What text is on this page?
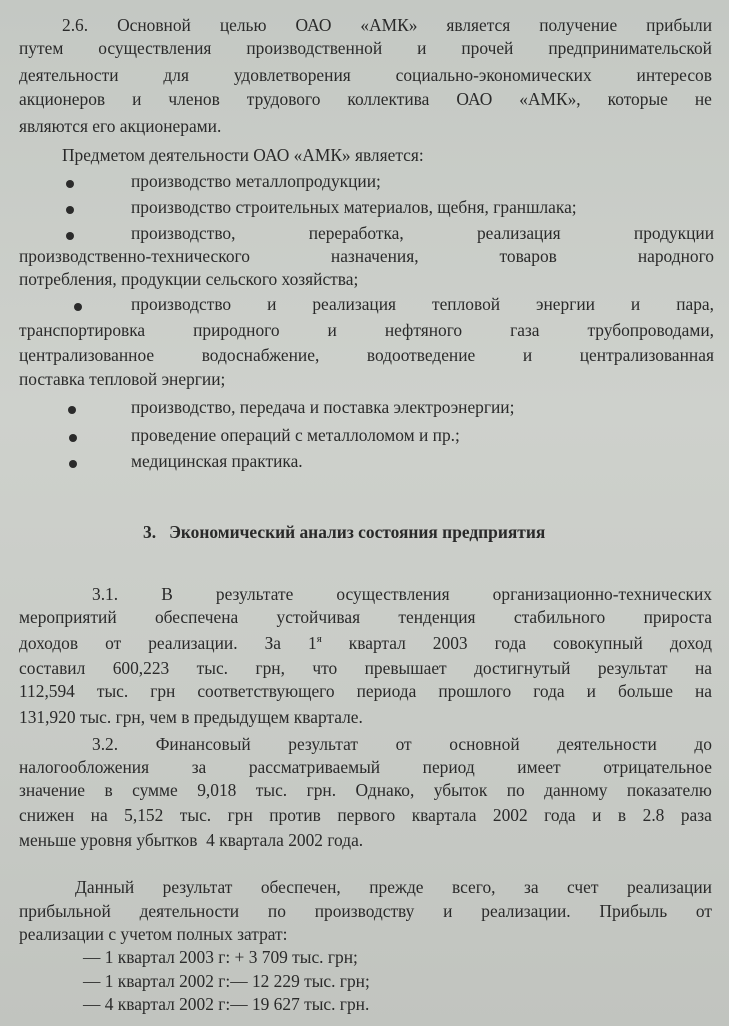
2.6. Основной целью ОАО «АМК» является получение прибыли
путем осуществления производственной и прочей предпринимательской
деятельности	для	удовлетворения	социально-экономических	интересов
акционеров и членов трудового коллектива ОАО «АМК», которые не
являются его акционерами.
Предметом деятельности ОАО «АМК» является:
производство металлопродукции;
производство строительных материалов, щебня, граншлака;
производство,	переработка,	реализация	продукции
производственно-технического	назначения,	товаров	народного
потребления, продукции сельского хозяйства;
производство и реализация тепловой энергии и пара,
транспортировка	природного	и	нефтяного	газа	трубопроводами,
централизованное	водоснабжение,	водоотведение	и	централизованная
поставка тепловой энергии;
производство, передача и поставка электроэнергии;
проведение операций с металлоломом и пр.;
медицинская практика.
3.   Экономический анализ состояния предприятия
3.1. В результате осуществления организационно-технических
мероприятий обеспечена устойчивая тенденция стабильного прироста
доходов от реализации. За $1^я$ квартал 2003 года совокупный доход
составил 600,223 тыс. грн, что превышает достигнутый результат на
112,594 тыс. грн соответствующего периода прошлого года и больше на
131,920 тыс. грн, чем в предыдущем квартале.
3.2. Финансовый результат от основной деятельности до
налогообложения за рассматриваемый период имеет отрицательное
значение в сумме 9,018 тыс. грн. Однако, убыток по данному показателю
снижен на 5,152 тыс. грн против первого квартала 2002 года и в 2.8 раза
меньше уровня убытков  4 квартала 2002 года.
Данный результат обеспечен, прежде всего, за счет реализации
прибыльной деятельности по производству и реализации. Прибыль от
реализации с учетом полных затрат:
— 1 квартал 2003 г: + 3 709 тыс. грн;
— 1 квартал 2002 г:— 12 229 тыс. грн;
— 4 квартал 2002 г:— 19 627 тыс. грн.
